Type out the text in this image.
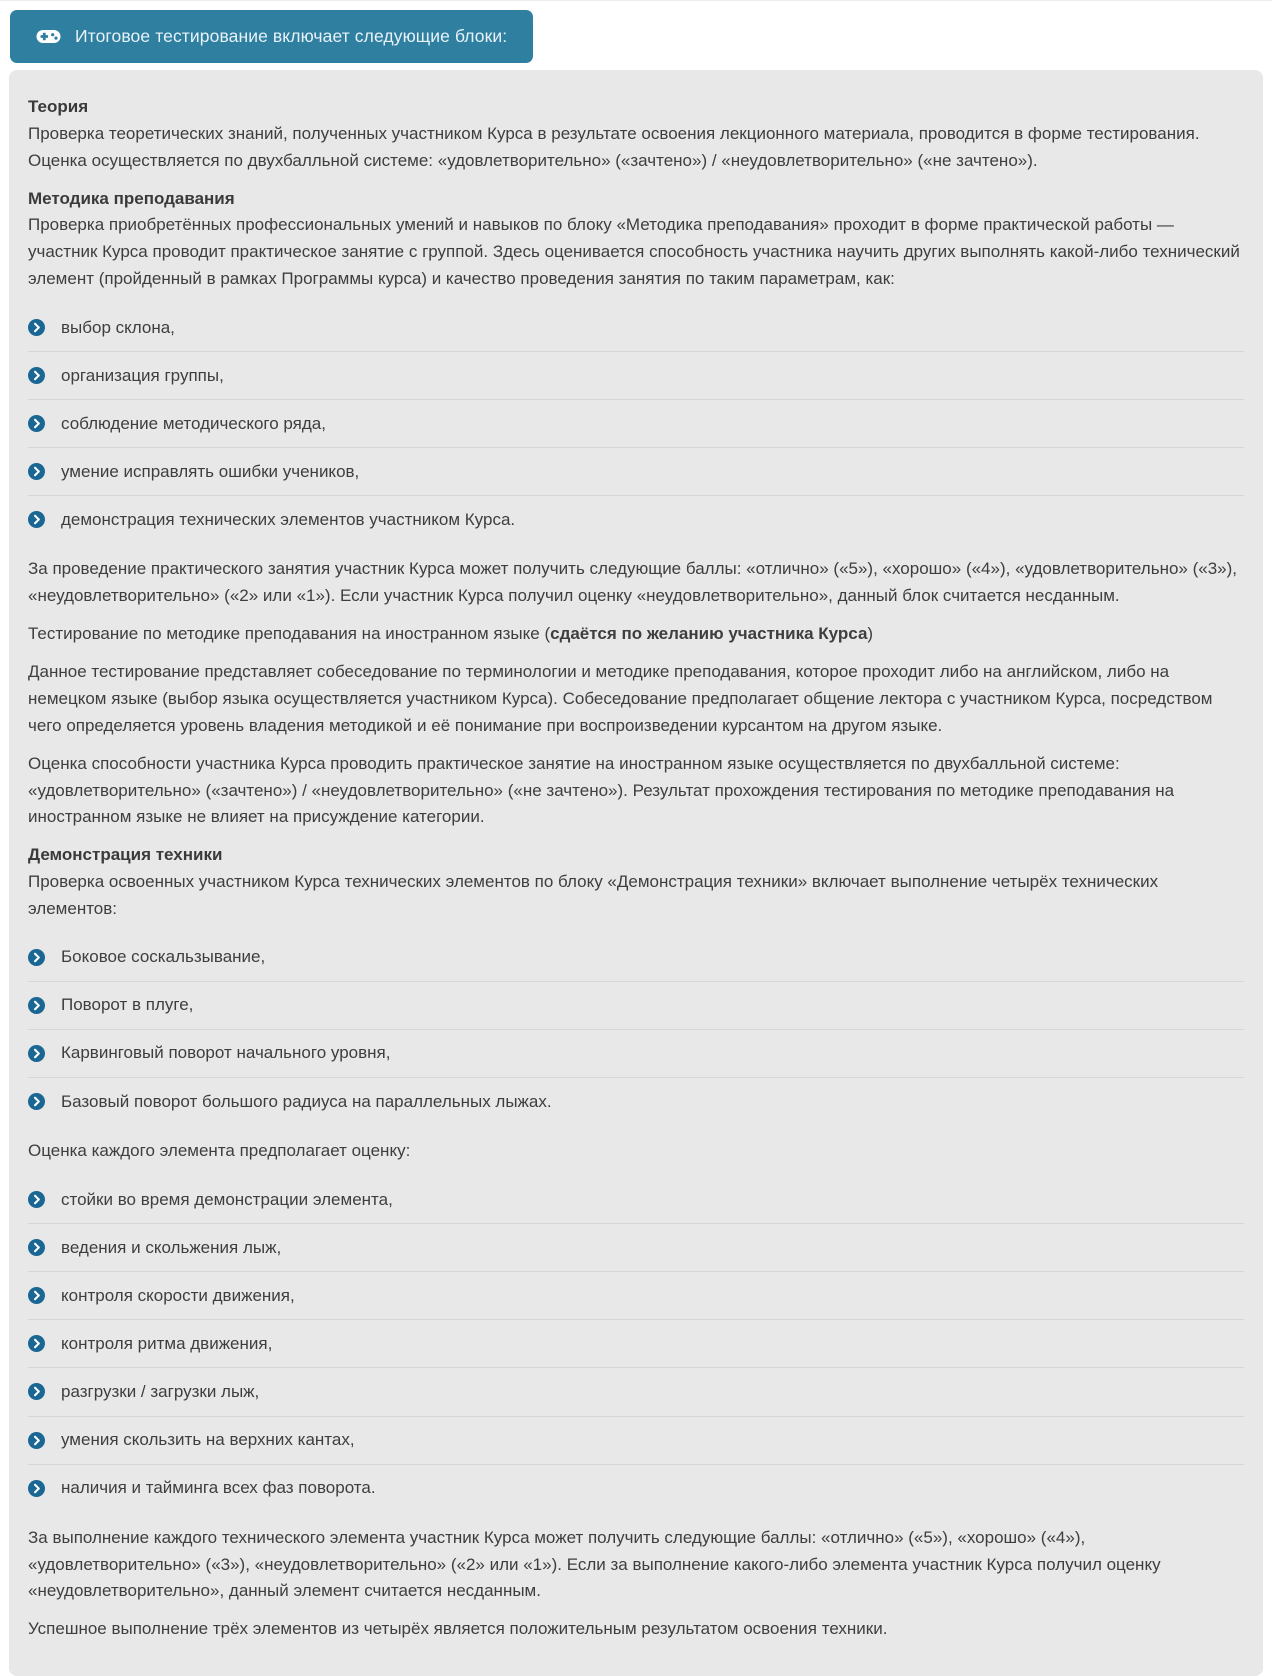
Итоговое тестирование включает следующие блоки:
Теория

Проверка теоретических знаний, полученных участником Курса в результате освоения лекционного материала, проводится в форме тестирования. Оценка осуществляется по двухбалльной системе: «удовлетворительно» («зачтено») / «неудовлетворительно» («не зачтено»).

Методика преподавания

Проверка приобретённых профессиональных умений и навыков по блоку «Методика преподавания» проходит в форме практической работы — участник Курса проводит практическое занятие с группой. Здесь оценивается способность участника научить других выполнять какой-либо технический элемент (пройденный в рамках Программы курса) и качество проведения занятия по таким параметрам, как:

выбор склона,
организация группы,
соблюдение методического ряда,
умение исправлять ошибки учеников,
демонстрация технических элементов участником Курса.

За проведение практического занятия участник Курса может получить следующие баллы: «отлично» («5»), «хорошо» («4»), «удовлетворительно» («3»), «неудовлетворительно» («2» или «1»). Если участник Курса получил оценку «неудовлетворительно», данный блок считается несданным.

Тестирование по методике преподавания на иностранном языке (сдаётся по желанию участника Курса)

Данное тестирование представляет собеседование по терминологии и методике преподавания, которое проходит либо на английском, либо на немецком языке (выбор языка осуществляется участником Курса). Собеседование предполагает общение лектора с участником Курса, посредством чего определяется уровень владения методикой и её понимание при воспроизведении курсантом на другом языке.

Оценка способности участника Курса проводить практическое занятие на иностранном языке осуществляется по двухбалльной системе: «удовлетворительно» («зачтено») / «неудовлетворительно» («не зачтено»). Результат прохождения тестирования по методике преподавания на иностранном языке не влияет на присуждение категории.

Демонстрация техники

Проверка освоенных участником Курса технических элементов по блоку «Демонстрация техники» включает выполнение четырёх технических элементов:

Боковое соскальзывание,
Поворот в плуге,
Карвинговый поворот начального уровня,
Базовый поворот большого радиуса на параллельных лыжах.

Оценка каждого элемента предполагает оценку:

стойки во время демонстрации элемента,
ведения и скольжения лыж,
контроля скорости движения,
контроля ритма движения,
разгрузки / загрузки лыж,
умения скользить на верхних кантах,
наличия и тайминга всех фаз поворота.

За выполнение каждого технического элемента участник Курса может получить следующие баллы: «отлично» («5»), «хорошо» («4»), «удовлетворительно» («3»), «неудовлетворительно» («2» или «1»). Если за выполнение какого-либо элемента участник Курса получил оценку «неудовлетворительно», данный элемент считается несданным.

Успешное выполнение трёх элементов из четырёх является положительным результатом освоения техники.
